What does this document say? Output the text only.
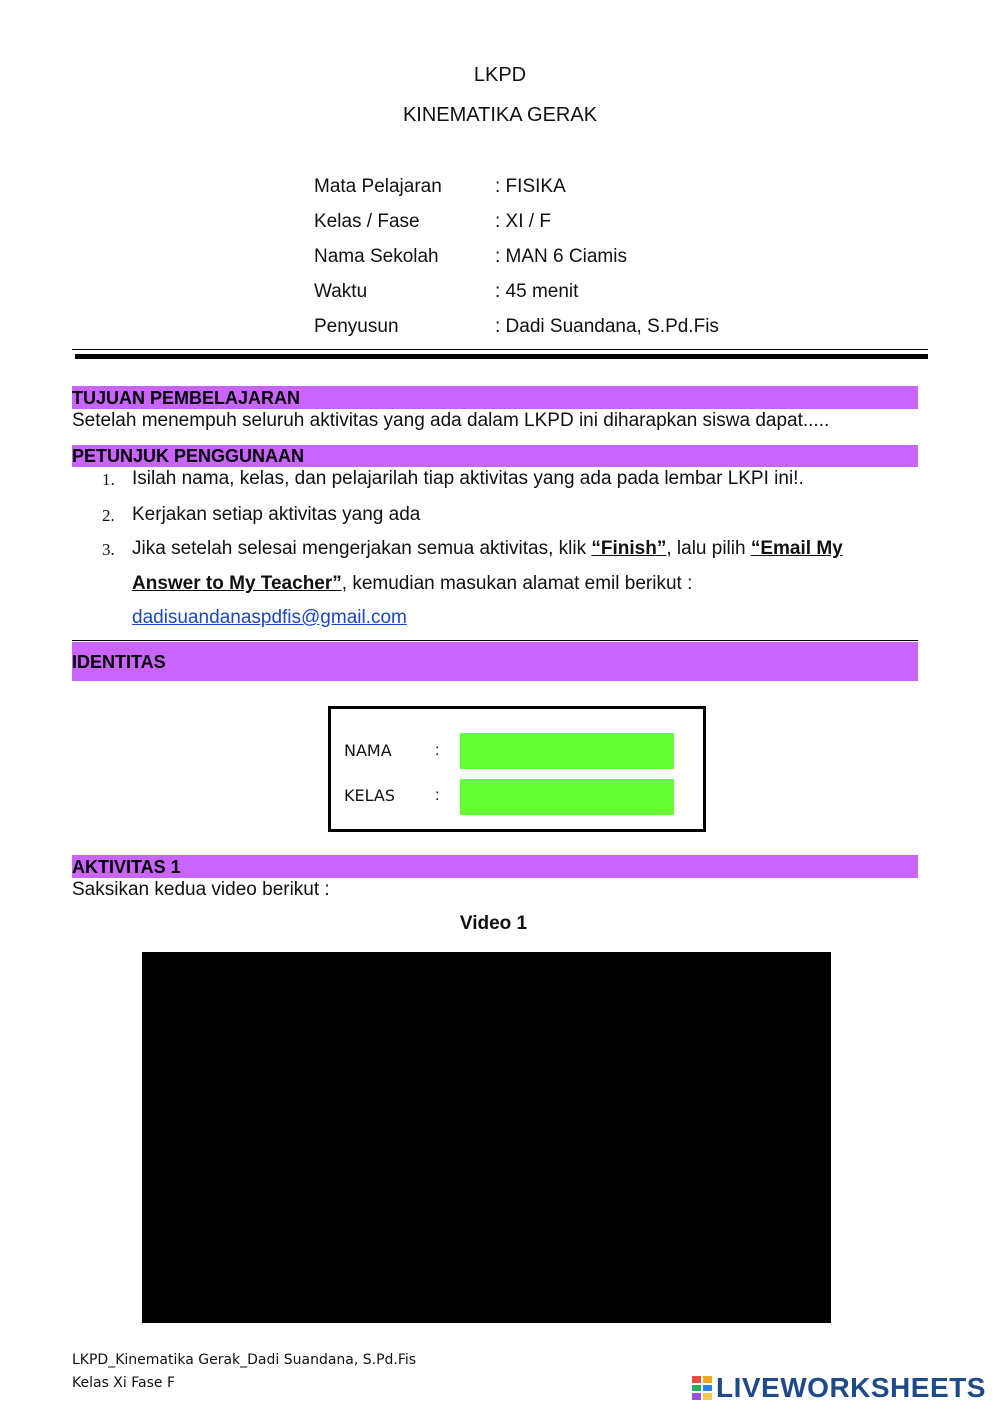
LKPD
KINEMATIKA GERAK
Mata Pelajaran	: FISIKA
Kelas / Fase	: XI / F
Nama Sekolah	: MAN 6 Ciamis
Waktu	: 45 menit
Penyusun	: Dadi Suandana, S.Pd.Fis
TUJUAN PEMBELAJARAN
Setelah menempuh seluruh aktivitas yang ada dalam LKPD ini diharapkan siswa dapat.....
PETUNJUK PENGGUNAAN
1. Isilah nama, kelas, dan pelajarilah tiap aktivitas yang ada pada lembar LKPI ini!.
2. Kerjakan setiap aktivitas yang ada
3. Jika setelah selesai mengerjakan semua aktivitas, klik “Finish”, lalu pilih “Email My
Answer to My Teacher”, kemudian masukan alamat emil berikut :
dadisuandanaspdfis@gmail.com
IDENTITAS
NAMA	:
KELAS	:
AKTIVITAS 1
Saksikan kedua video berikut :
Video 1
LKPD_Kinematika Gerak_Dadi Suandana, S.Pd.Fis
Kelas Xi Fase F	LIVEWORKSHEETS
